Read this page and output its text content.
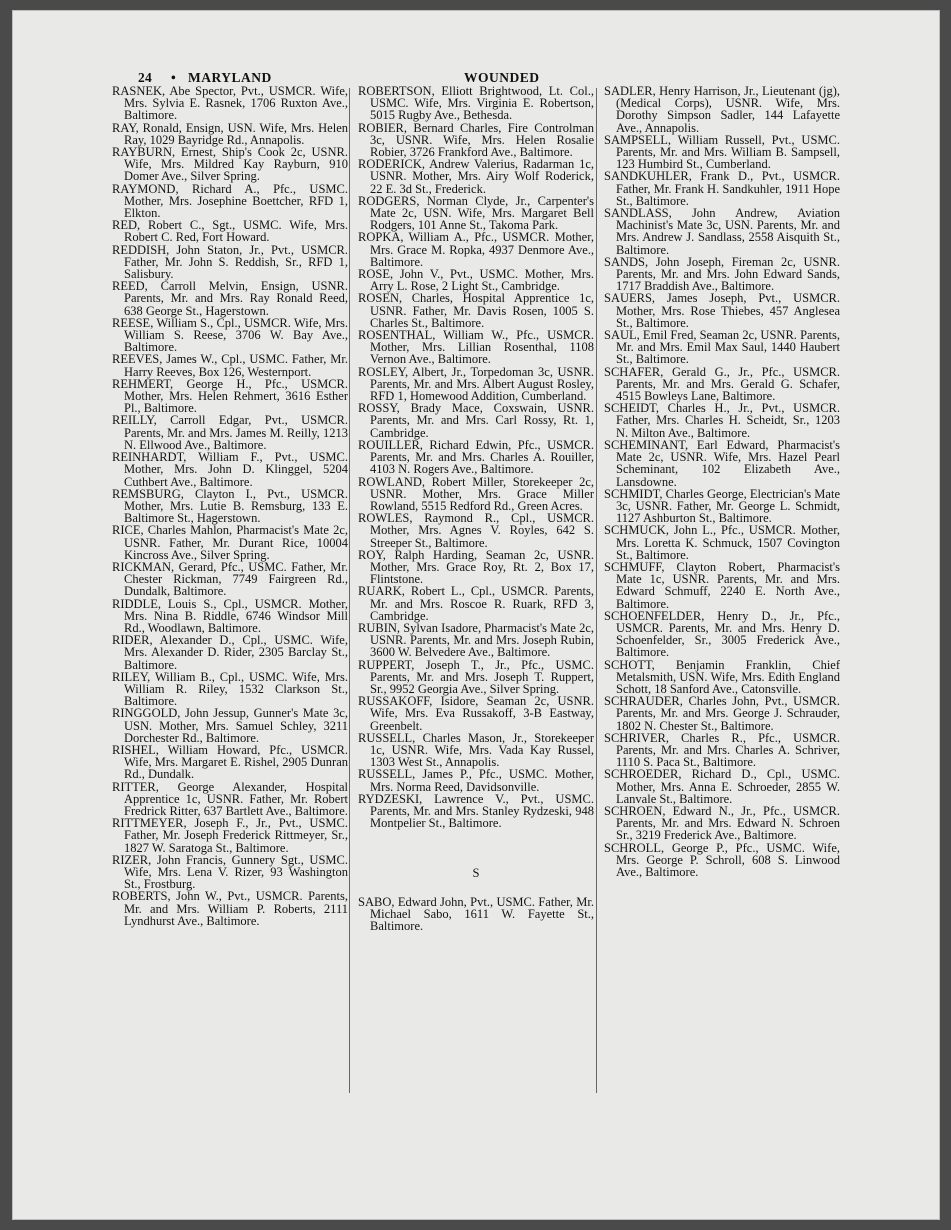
24 • MARYLAND	WOUNDED
RASNEK, Abe Spector, Pvt., USMCR. Wife, Mrs. Sylvia E. Rasnek, 1706 Ruxton Ave., Baltimore.
RAY, Ronald, Ensign, USN. Wife, Mrs. Helen Ray, 1029 Bayridge Rd., Annapolis.
RAYBURN, Ernest, Ship's Cook 2c, USNR. Wife, Mrs. Mildred Kay Rayburn, 910 Domer Ave., Silver Spring.
RAYMOND, Richard A., Pfc., USMC. Mother, Mrs. Josephine Boettcher, RFD 1, Elkton.
RED, Robert C., Sgt., USMC. Wife, Mrs. Robert C. Red, Fort Howard.
REDDISH, John Staton, Jr., Pvt., USMCR. Father, Mr. John S. Reddish, Sr., RFD 1, Salisbury.
REED, Carroll Melvin, Ensign, USNR. Parents, Mr. and Mrs. Ray Ronald Reed, 638 George St., Hagerstown.
REESE, William S., Cpl., USMCR. Wife, Mrs. William S. Reese, 3706 W. Bay Ave., Baltimore.
REEVES, James W., Cpl., USMC. Father, Mr. Harry Reeves, Box 126, Westernport.
REHMERT, George H., Pfc., USMCR. Mother, Mrs. Helen Rehmert, 3616 Esther Pl., Baltimore.
REILLY, Carroll Edgar, Pvt., USMCR. Parents, Mr. and Mrs. James M. Reilly, 1213 N. Ellwood Ave., Baltimore.
REINHARDT, William F., Pvt., USMC. Mother, Mrs. John D. Klinggel, 5204 Cuthbert Ave., Baltimore.
REMSBURG, Clayton I., Pvt., USMCR. Mother, Mrs. Lutie B. Remsburg, 133 E. Baltimore St., Hagerstown.
RICE, Charles Mahlon, Pharmacist's Mate 2c, USNR. Father, Mr. Durant Rice, 10004 Kincross Ave., Silver Spring.
RICKMAN, Gerard, Pfc., USMC. Father, Mr. Chester Rickman, 7749 Fairgreen Rd., Dundalk, Baltimore.
RIDDLE, Louis S., Cpl., USMCR. Mother, Mrs. Nina B. Riddle, 6746 Windsor Mill Rd., Woodlawn, Baltimore.
RIDER, Alexander D., Cpl., USMC. Wife, Mrs. Alexander D. Rider, 2305 Barclay St., Baltimore.
RILEY, William B., Cpl., USMC. Wife, Mrs. William R. Riley, 1532 Clarkson St., Baltimore.
RINGGOLD, John Jessup, Gunner's Mate 3c, USN. Mother, Mrs. Samuel Schley, 3211 Dorchester Rd., Baltimore.
RISHEL, William Howard, Pfc., USMCR. Wife, Mrs. Margaret E. Rishel, 2905 Dunran Rd., Dundalk.
RITTER, George Alexander, Hospital Apprentice 1c, USNR. Father, Mr. Robert Fredrick Ritter, 637 Bartlett Ave., Baltimore.
RITTMEYER, Joseph F., Jr., Pvt., USMC. Father, Mr. Joseph Frederick Rittmeyer, Sr., 1827 W. Saratoga St., Baltimore.
RIZER, John Francis, Gunnery Sgt., USMC. Wife, Mrs. Lena V. Rizer, 93 Washington St., Frostburg.
ROBERTS, John W., Pvt., USMCR. Parents, Mr. and Mrs. William P. Roberts, 2111 Lyndhurst Ave., Baltimore.
ROBERTSON, Elliott Brightwood, Lt. Col., USMC. Wife, Mrs. Virginia E. Robertson, 5015 Rugby Ave., Bethesda.
ROBIER, Bernard Charles, Fire Controlman 3c, USNR. Wife, Mrs. Helen Rosalie Robier, 3726 Frankford Ave., Baltimore.
RODERICK, Andrew Valerius, Radarman 1c, USNR. Mother, Mrs. Airy Wolf Roderick, 22 E. 3d St., Frederick.
RODGERS, Norman Clyde, Jr., Carpenter's Mate 2c, USN. Wife, Mrs. Margaret Bell Rodgers, 101 Anne St., Takoma Park.
ROPKA, William A., Pfc., USMCR. Mother, Mrs. Grace M. Ropka, 4937 Denmore Ave., Baltimore.
ROSE, John V., Pvt., USMC. Mother, Mrs. Arry L. Rose, 2 Light St., Cambridge.
ROSEN, Charles, Hospital Apprentice 1c, USNR. Father, Mr. Davis Rosen, 1005 S. Charles St., Baltimore.
ROSENTHAL, William W., Pfc., USMCR. Mother, Mrs. Lillian Rosenthal, 1108 Vernon Ave., Baltimore.
ROSLEY, Albert, Jr., Torpedoman 3c, USNR. Parents, Mr. and Mrs. Albert August Rosley, RFD 1, Homewood Addition, Cumberland.
ROSSY, Brady Mace, Coxswain, USNR. Parents, Mr. and Mrs. Carl Rossy, Rt. 1, Cambridge.
ROUILLER, Richard Edwin, Pfc., USMCR. Parents, Mr. and Mrs. Charles A. Rouiller, 4103 N. Rogers Ave., Baltimore.
ROWLAND, Robert Miller, Storekeeper 2c, USNR. Mother, Mrs. Grace Miller Rowland, 5515 Redford Rd., Green Acres.
ROWLES, Raymond R., Cpl., USMCR. Mother, Mrs. Agnes V. Royles, 642 S. Streeper St., Baltimore.
ROY, Ralph Harding, Seaman 2c, USNR. Mother, Mrs. Grace Roy, Rt. 2, Box 17, Flintstone.
RUARK, Robert L., Cpl., USMCR. Parents, Mr. and Mrs. Roscoe R. Ruark, RFD 3, Cambridge.
RUBIN, Sylvan Isadore, Pharmacist's Mate 2c, USNR. Parents, Mr. and Mrs. Joseph Rubin, 3600 W. Belvedere Ave., Baltimore.
RUPPERT, Joseph T., Jr., Pfc., USMC. Parents, Mr. and Mrs. Joseph T. Ruppert, Sr., 9952 Georgia Ave., Silver Spring.
RUSSAKOFF, Isidore, Seaman 2c, USNR. Wife, Mrs. Eva Russakoff, 3-B Eastway, Greenbelt.
RUSSELL, Charles Mason, Jr., Storekeeper 1c, USNR. Wife, Mrs. Vada Kay Russel, 1303 West St., Annapolis.
RUSSELL, James P., Pfc., USMC. Mother, Mrs. Norma Reed, Davidsonville.
RYDZESKI, Lawrence V., Pvt., USMC. Parents, Mr. and Mrs. Stanley Rydzeski, 948 Montpelier St., Baltimore.
S
SABO, Edward John, Pvt., USMC. Father, Mr. Michael Sabo, 1611 W. Fayette St., Baltimore.
SADLER, Henry Harrison, Jr., Lieutenant (jg), (Medical Corps), USNR. Wife, Mrs. Dorothy Simpson Sadler, 144 Lafayette Ave., Annapolis.
SAMPSELL, William Russell, Pvt., USMC. Parents, Mr. and Mrs. William B. Sampsell, 123 Humbird St., Cumberland.
SANDKUHLER, Frank D., Pvt., USMCR. Father, Mr. Frank H. Sandkuhler, 1911 Hope St., Baltimore.
SANDLASS, John Andrew, Aviation Machinist's Mate 3c, USN. Parents, Mr. and Mrs. Andrew J. Sandlass, 2558 Aisquith St., Baltimore.
SANDS, John Joseph, Fireman 2c, USNR. Parents, Mr. and Mrs. John Edward Sands, 1717 Braddish Ave., Baltimore.
SAUERS, James Joseph, Pvt., USMCR. Mother, Mrs. Rose Thiebes, 457 Anglesea St., Baltimore.
SAUL, Emil Fred, Seaman 2c, USNR. Parents, Mr. and Mrs. Emil Max Saul, 1440 Haubert St., Baltimore.
SCHAFER, Gerald G., Jr., Pfc., USMCR. Parents, Mr. and Mrs. Gerald G. Schafer, 4515 Bowleys Lane, Baltimore.
SCHEIDT, Charles H., Jr., Pvt., USMCR. Father, Mrs. Charles H. Scheidt, Sr., 1203 N. Milton Ave., Baltimore.
SCHEMINANT, Earl Edward, Pharmacist's Mate 2c, USNR. Wife, Mrs. Hazel Pearl Scheminant, 102 Elizabeth Ave., Lansdowne.
SCHMIDT, Charles George, Electrician's Mate 3c, USNR. Father, Mr. George L. Schmidt, 1127 Ashburton St., Baltimore.
SCHMUCK, John L., Pfc., USMCR. Mother, Mrs. Loretta K. Schmuck, 1507 Covington St., Baltimore.
SCHMUFF, Clayton Robert, Pharmacist's Mate 1c, USNR. Parents, Mr. and Mrs. Edward Schmuff, 2240 E. North Ave., Baltimore.
SCHOENFELDER, Henry D., Jr., Pfc., USMCR. Parents, Mr. and Mrs. Henry D. Schoenfelder, Sr., 3005 Frederick Ave., Baltimore.
SCHOTT, Benjamin Franklin, Chief Metalsmith, USN. Wife, Mrs. Edith England Schott, 18 Sanford Ave., Catonsville.
SCHRAUDER, Charles John, Pvt., USMCR. Parents, Mr. and Mrs. George J. Schrauder, 1802 N. Chester St., Baltimore.
SCHRIVER, Charles R., Pfc., USMCR. Parents, Mr. and Mrs. Charles A. Schriver, 1110 S. Paca St., Baltimore.
SCHROEDER, Richard D., Cpl., USMC. Mother, Mrs. Anna E. Schroeder, 2855 W. Lanvale St., Baltimore.
SCHROEN, Edward N., Jr., Pfc., USMCR. Parents, Mr. and Mrs. Edward N. Schroen Sr., 3219 Frederick Ave., Baltimore.
SCHROLL, George P., Pfc., USMC. Wife, Mrs. George P. Schroll, 608 S. Linwood Ave., Baltimore.
